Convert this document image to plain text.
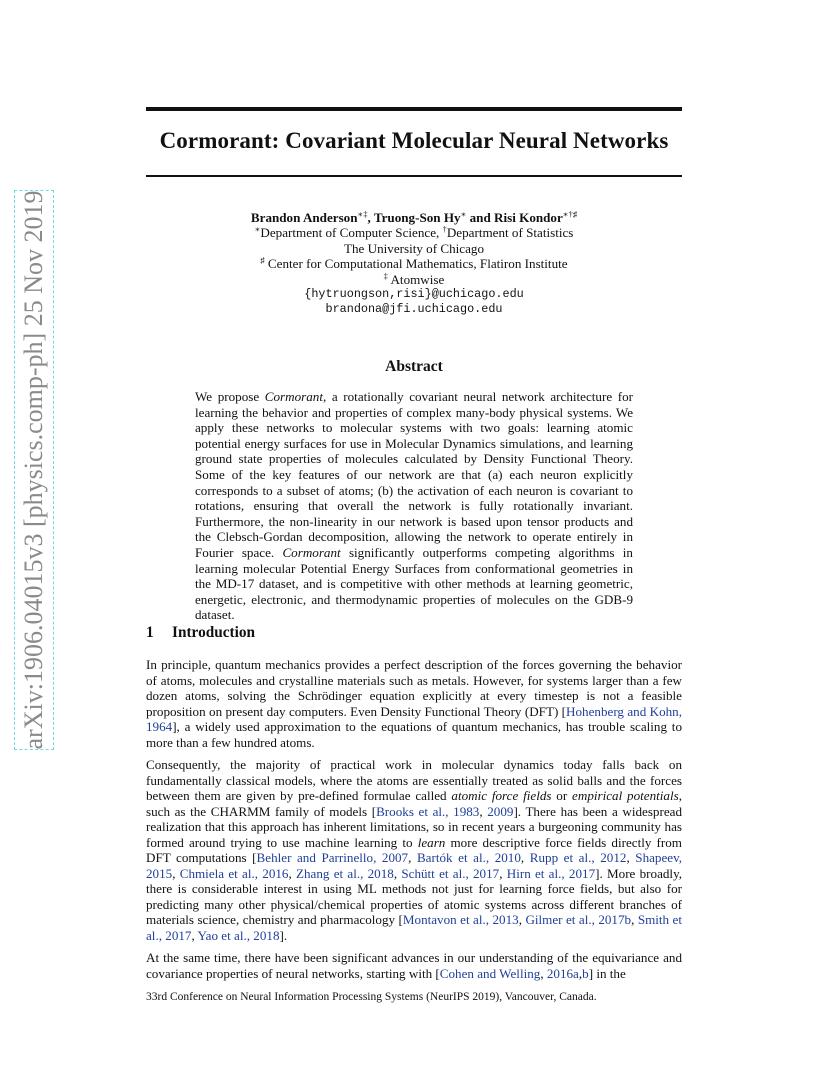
arXiv:1906.04015v3 [physics.comp-ph] 25 Nov 2019
Cormorant: Covariant Molecular Neural Networks
Brandon Anderson∗‡, Truong-Son Hy∗ and Risi Kondor∗†♯
∗Department of Computer Science, †Department of Statistics
The University of Chicago
♯ Center for Computational Mathematics, Flatiron Institute
‡ Atomwise
{hytruongson,risi}@uchicago.edu
brandona@jfi.uchicago.edu
Abstract

We propose Cormorant, a rotationally covariant neural network architecture for learning the behavior and properties of complex many-body physical systems. We apply these networks to molecular systems with two goals: learning atomic potential energy surfaces for use in Molecular Dynamics simulations, and learning ground state properties of molecules calculated by Density Functional Theory. Some of the key features of our network are that (a) each neuron explicitly corresponds to a subset of atoms; (b) the activation of each neuron is covariant to rotations, ensuring that overall the network is fully rotationally invariant. Furthermore, the non-linearity in our network is based upon tensor products and the Clebsch-Gordan decomposition, allowing the network to operate entirely in Fourier space. Cormorant significantly outperforms competing algorithms in learning molecular Potential Energy Surfaces from conformational geometries in the MD-17 dataset, and is competitive with other methods at learning geometric, energetic, electronic, and thermodynamic properties of molecules on the GDB-9 dataset.

1 Introduction

In principle, quantum mechanics provides a perfect description of the forces governing the behavior of atoms, molecules and crystalline materials such as metals. However, for systems larger than a few dozen atoms, solving the Schrödinger equation explicitly at every timestep is not a feasible proposition on present day computers. Even Density Functional Theory (DFT) [Hohenberg and Kohn, 1964], a widely used approximation to the equations of quantum mechanics, has trouble scaling to more than a few hundred atoms.

Consequently, the majority of practical work in molecular dynamics today falls back on fundamentally classical models, where the atoms are essentially treated as solid balls and the forces between them are given by pre-defined formulae called atomic force fields or empirical potentials, such as the CHARMM family of models [Brooks et al., 1983, 2009]. There has been a widespread realization that this approach has inherent limitations, so in recent years a burgeoning community has formed around trying to use machine learning to learn more descriptive force fields directly from DFT computations [Behler and Parrinello, 2007, Bartók et al., 2010, Rupp et al., 2012, Shapeev, 2015, Chmiela et al., 2016, Zhang et al., 2018, Schütt et al., 2017, Hirn et al., 2017]. More broadly, there is considerable interest in using ML methods not just for learning force fields, but also for predicting many other physical/chemical properties of atomic systems across different branches of materials science, chemistry and pharmacology [Montavon et al., 2013, Gilmer et al., 2017b, Smith et al., 2017, Yao et al., 2018].

At the same time, there have been significant advances in our understanding of the equivariance and covariance properties of neural networks, starting with [Cohen and Welling, 2016a,b] in the

33rd Conference on Neural Information Processing Systems (NeurIPS 2019), Vancouver, Canada.
